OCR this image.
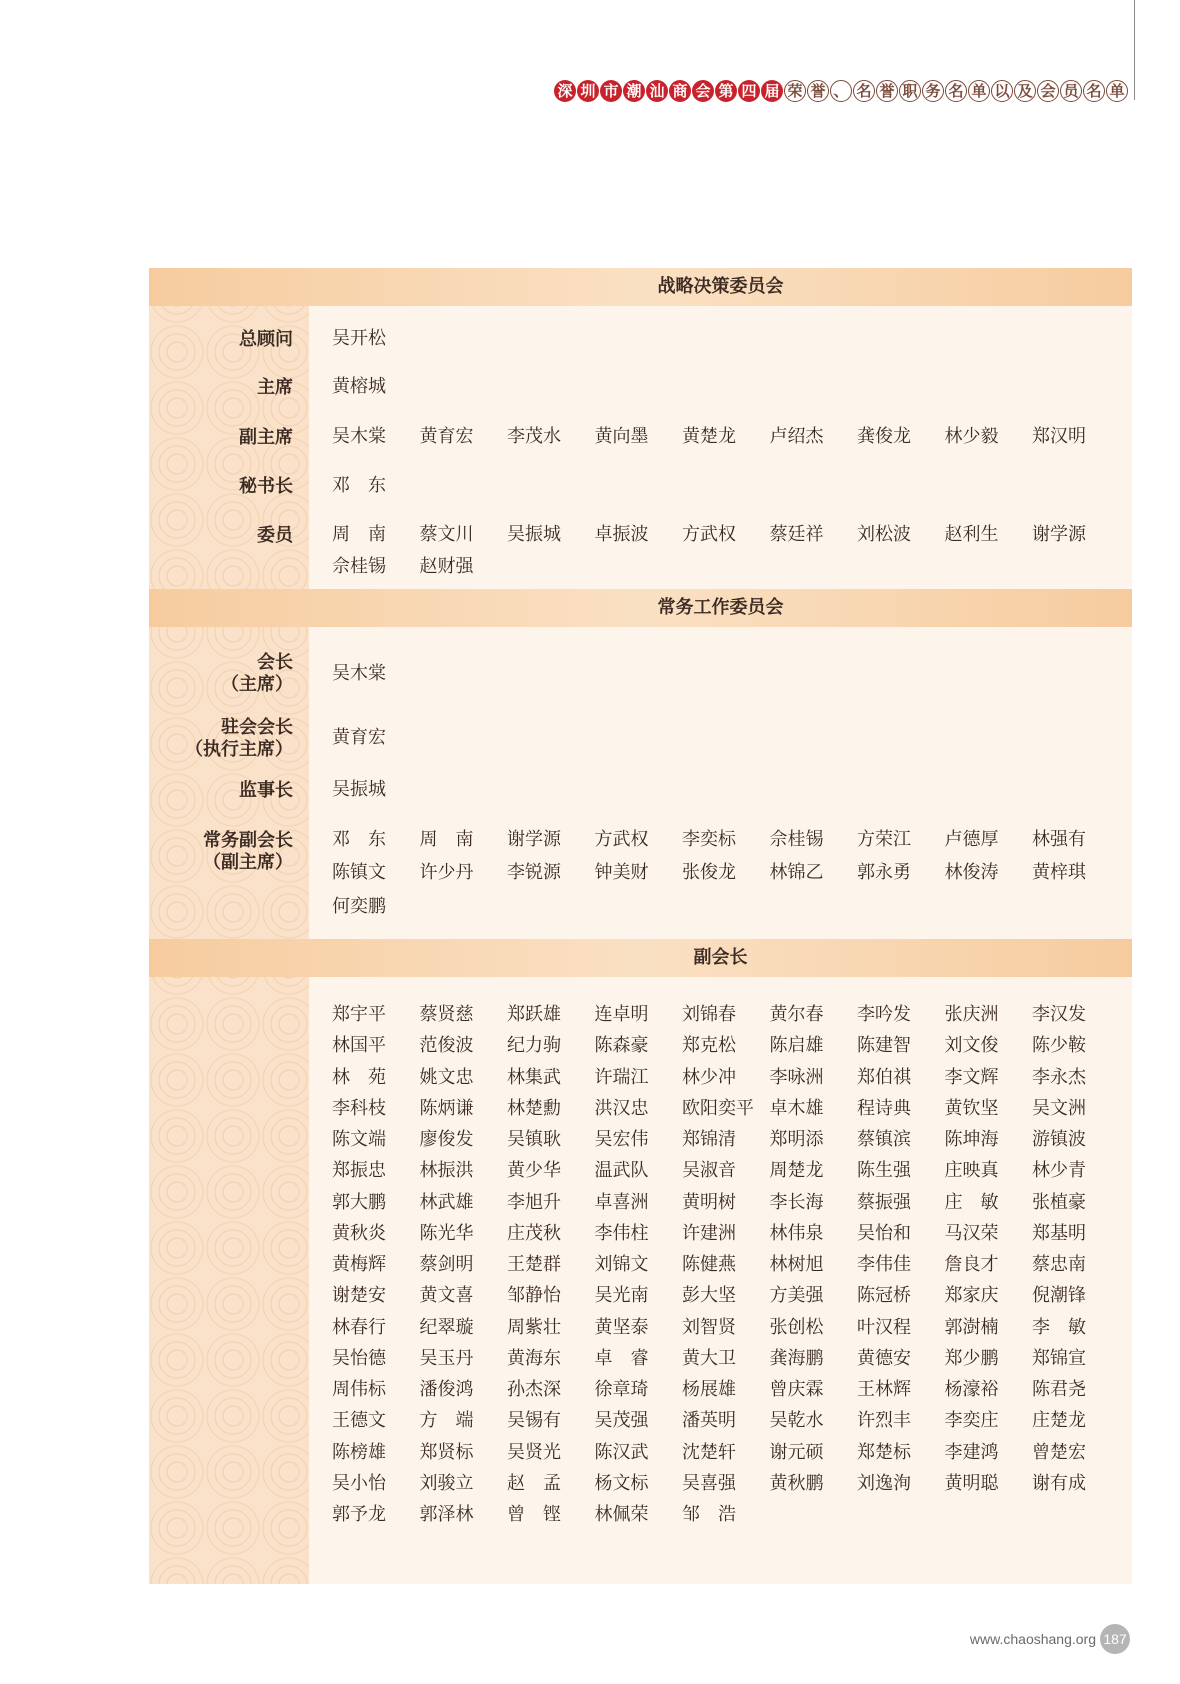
深 圳 市 潮 汕 商 会 第 四 届 荣 誉 、 名 誉 职 务 名 单 以 及 会 员 名 单
战略决策委员会
总顾问
主席
副主席
秘书长
委员
常务工作委员会
会长
（主席）
驻会会长
（执行主席）
监事长
常务副会长
（副主席）
副会长
吴开松
黄榕城
吴木棠 黄育宏 李茂水 黄向墨 黄楚龙 卢绍杰 龚俊龙 林少毅 郑汉明
邓　东
周　南 蔡文川 吴振城 卓振波 方武权 蔡廷祥 刘松波 赵利生 谢学源
佘桂锡 赵财强
吴木棠
黄育宏
吴振城
邓　东 周　南 谢学源 方武权 李奕标 佘桂锡 方荣江 卢德厚 林强有
陈镇文 许少丹 李锐源 钟美财 张俊龙 林锦乙 郭永勇 林俊涛 黄梓琪
何奕鹏
郑宇平 蔡贤慈 郑跃雄 连卓明 刘锦春 黄尔春 李吟发 张庆洲 李汉发
林国平 范俊波 纪力驹 陈森豪 郑克松 陈启雄 陈建智 刘文俊 陈少鞍
林　苑 姚文忠 林集武 许瑞江 林少冲 李咏洲 郑伯祺 李文辉 李永杰
李科枝 陈炳谦 林楚勳 洪汉忠 欧阳奕平 卓木雄 程诗典 黄钦坚 吴文洲
陈文端 廖俊发 吴镇耿 吴宏伟 郑锦清 郑明添 蔡镇滨 陈坤海 游镇波
郑振忠 林振洪 黄少华 温武队 吴淑音 周楚龙 陈生强 庄映真 林少青
郭大鹏 林武雄 李旭升 卓喜洲 黄明树 李长海 蔡振强 庄　敏 张植豪
黄秋炎 陈光华 庄茂秋 李伟柱 许建洲 林伟泉 吴怡和 马汉荣 郑基明
黄梅辉 蔡剑明 王楚群 刘锦文 陈健燕 林树旭 李伟佳 詹良才 蔡忠南
谢楚安 黄文喜 邹静怡 吴光南 彭大坚 方美强 陈冠桥 郑家庆 倪潮锋
林春行 纪翠璇 周紫壮 黄坚泰 刘智贤 张创松 叶汉程 郭澍楠 李　敏
吴怡德 吴玉丹 黄海东 卓　睿 黄大卫 龚海鹏 黄德安 郑少鹏 郑锦宣
周伟标 潘俊鸿 孙杰深 徐章琦 杨展雄 曾庆霖 王林辉 杨濠裕 陈君尧
王德文 方　端 吴锡有 吴茂强 潘英明 吴乾水 许烈丰 李奕庄 庄楚龙
陈榜雄 郑贤标 吴贤光 陈汉武 沈楚轩 谢元硕 郑楚标 李建鸿 曾楚宏
吴小怡 刘骏立 赵　孟 杨文标 吴喜强 黄秋鹏 刘逸洵 黄明聪 谢有成
郭予龙 郭泽林 曾　铿 林佩荣 邹　浩
www.chaoshang.org 187
